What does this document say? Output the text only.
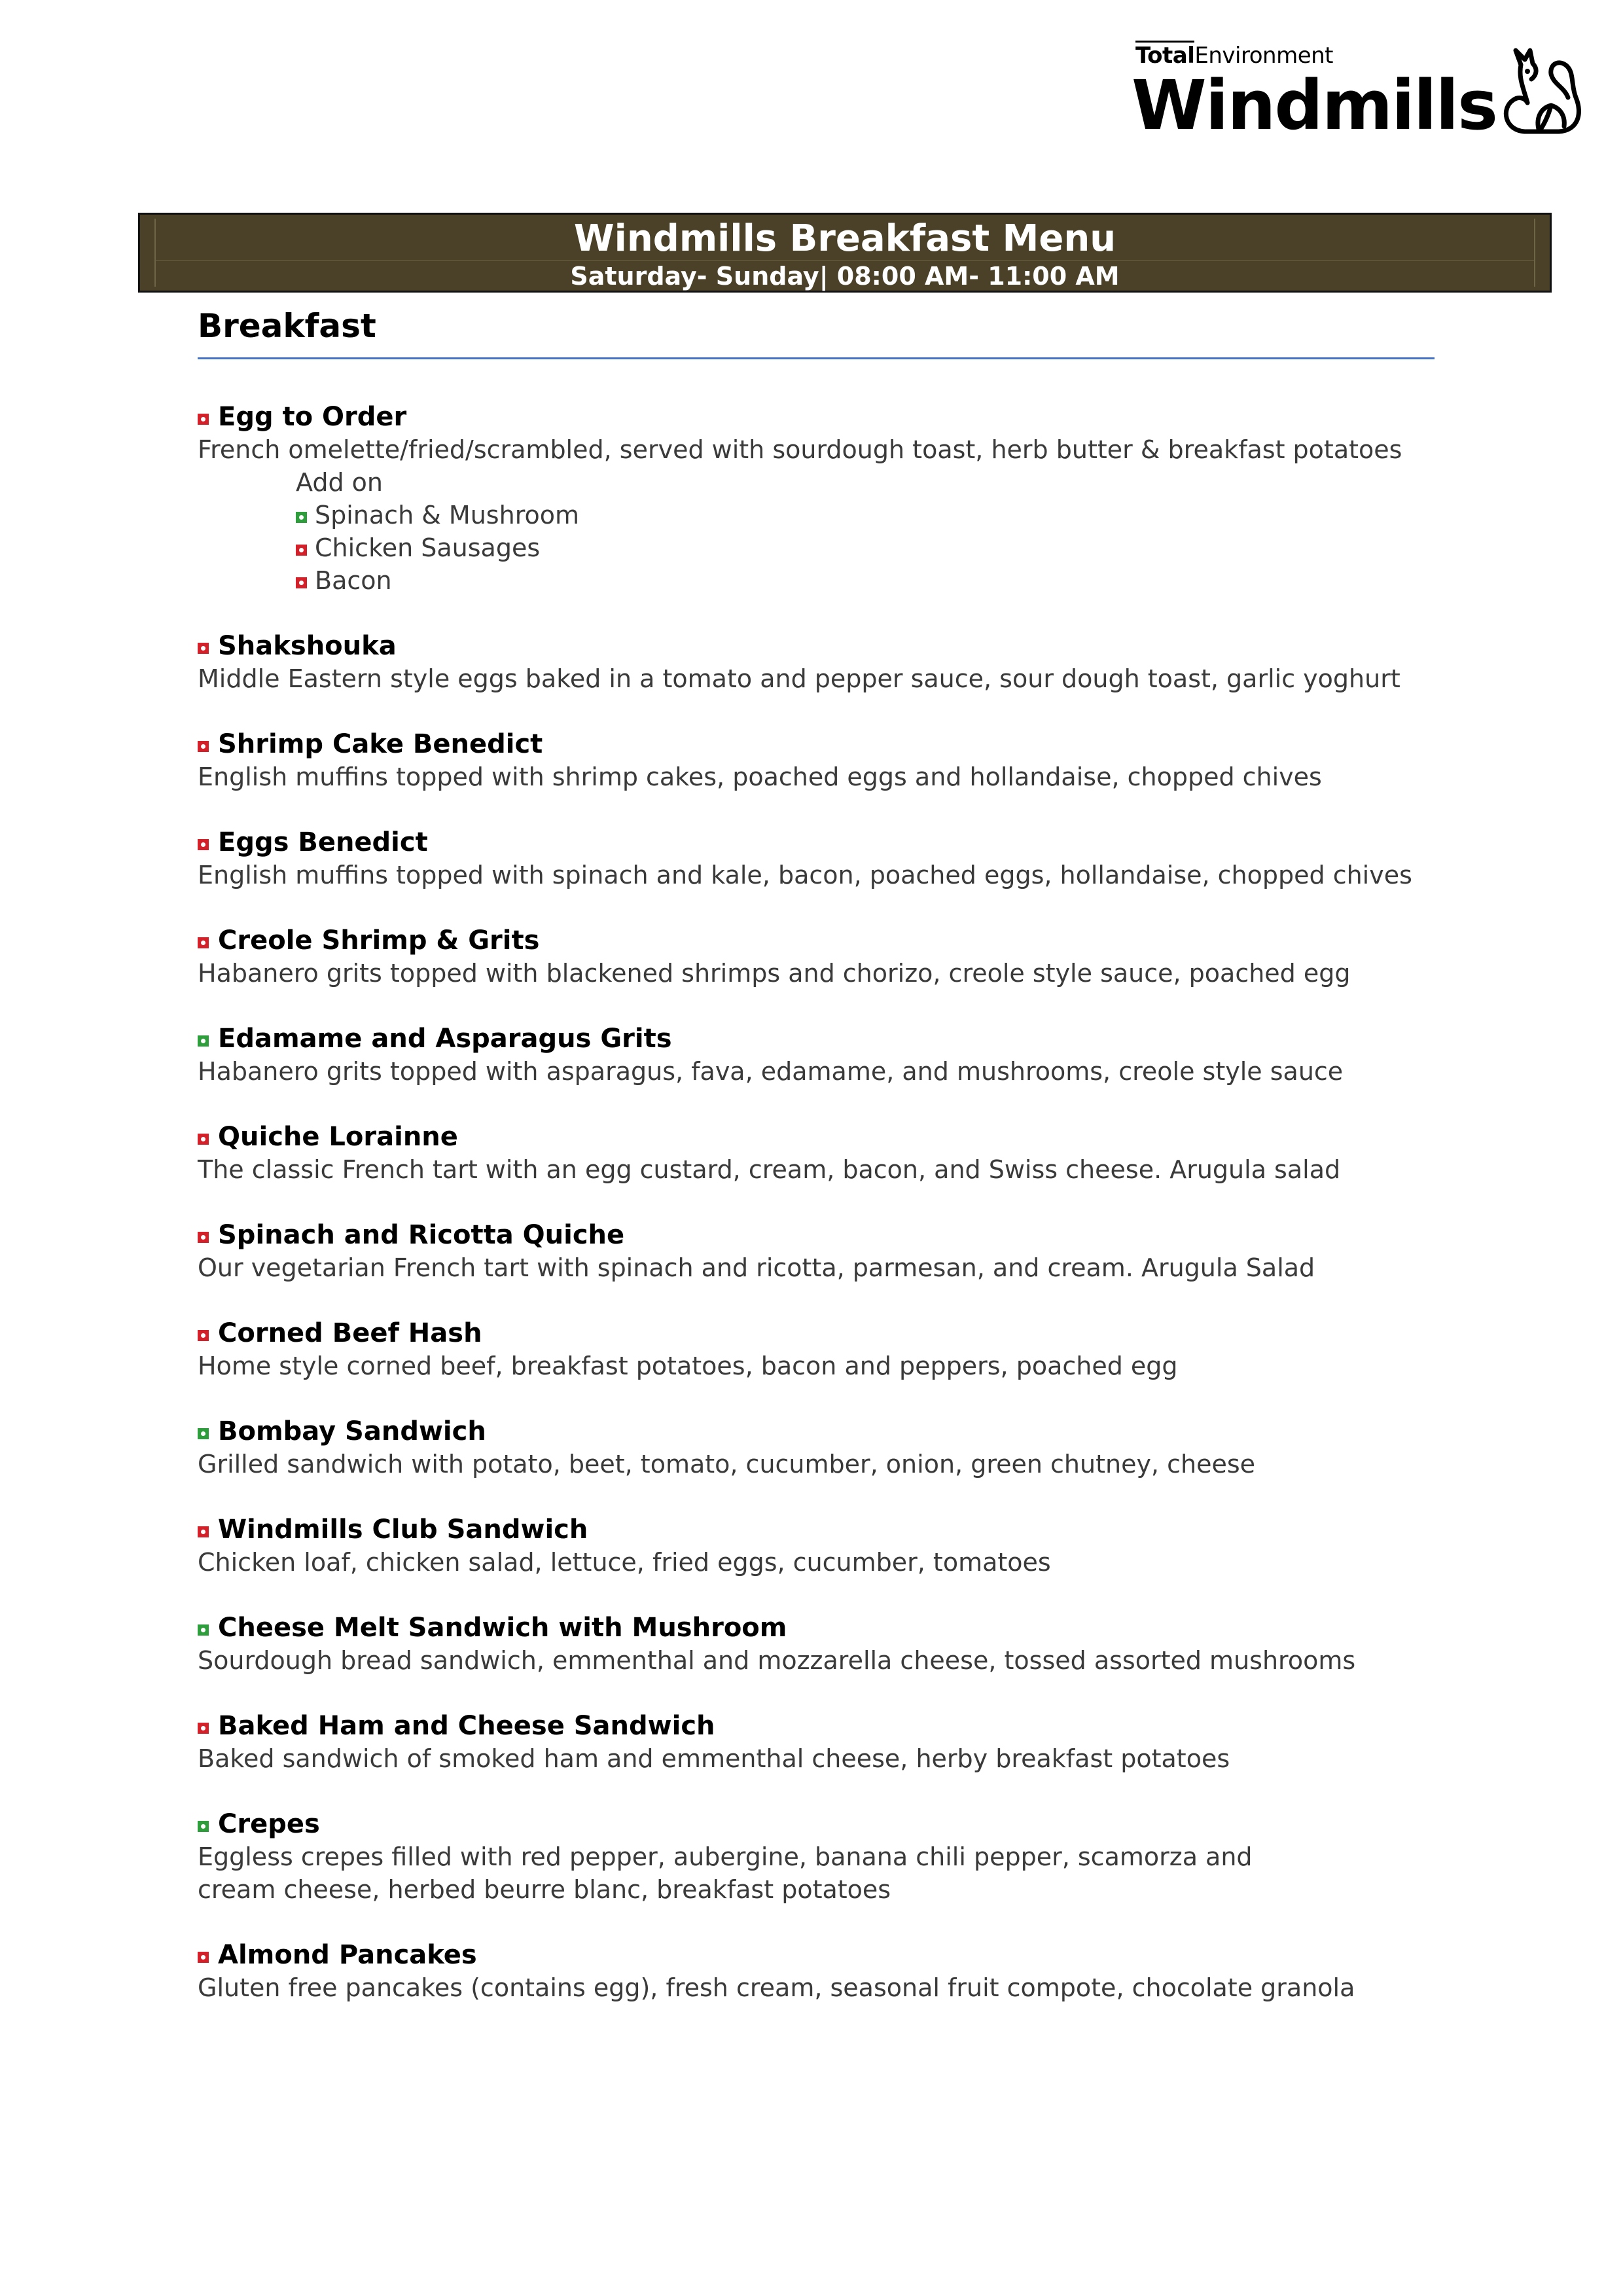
TotalEnvironment
Windmills
Windmills Breakfast Menu
Saturday- Sunday| 08:00 AM- 11:00 AM
Breakfast
Egg to Order
French omelette/fried/scrambled, served with sourdough toast, herb butter & breakfast potatoes
Add on
Spinach & Mushroom
Chicken Sausages
Bacon
Shakshouka
Middle Eastern style eggs baked in a tomato and pepper sauce, sour dough toast, garlic yoghurt
Shrimp Cake Benedict
English muffins topped with shrimp cakes, poached eggs and hollandaise, chopped chives
Eggs Benedict
English muffins topped with spinach and kale, bacon, poached eggs, hollandaise, chopped chives
Creole Shrimp & Grits
Habanero grits topped with blackened shrimps and chorizo, creole style sauce, poached egg
Edamame and Asparagus Grits
Habanero grits topped with asparagus, fava, edamame, and mushrooms, creole style sauce
Quiche Lorainne
The classic French tart with an egg custard, cream, bacon, and Swiss cheese. Arugula salad
Spinach and Ricotta Quiche
Our vegetarian French tart with spinach and ricotta, parmesan, and cream. Arugula Salad
Corned Beef Hash
Home style corned beef, breakfast potatoes, bacon and peppers, poached egg
Bombay Sandwich
Grilled sandwich with potato, beet, tomato, cucumber, onion, green chutney, cheese
Windmills Club Sandwich
Chicken loaf, chicken salad, lettuce, fried eggs, cucumber, tomatoes
Cheese Melt Sandwich with Mushroom
Sourdough bread sandwich, emmenthal and mozzarella cheese, tossed assorted mushrooms
Baked Ham and Cheese Sandwich
Baked sandwich of smoked ham and emmenthal cheese, herby breakfast potatoes
Crepes
Eggless crepes filled with red pepper, aubergine, banana chili pepper, scamorza and
cream cheese, herbed beurre blanc, breakfast potatoes
Almond Pancakes
Gluten free pancakes (contains egg), fresh cream, seasonal fruit compote, chocolate granola
